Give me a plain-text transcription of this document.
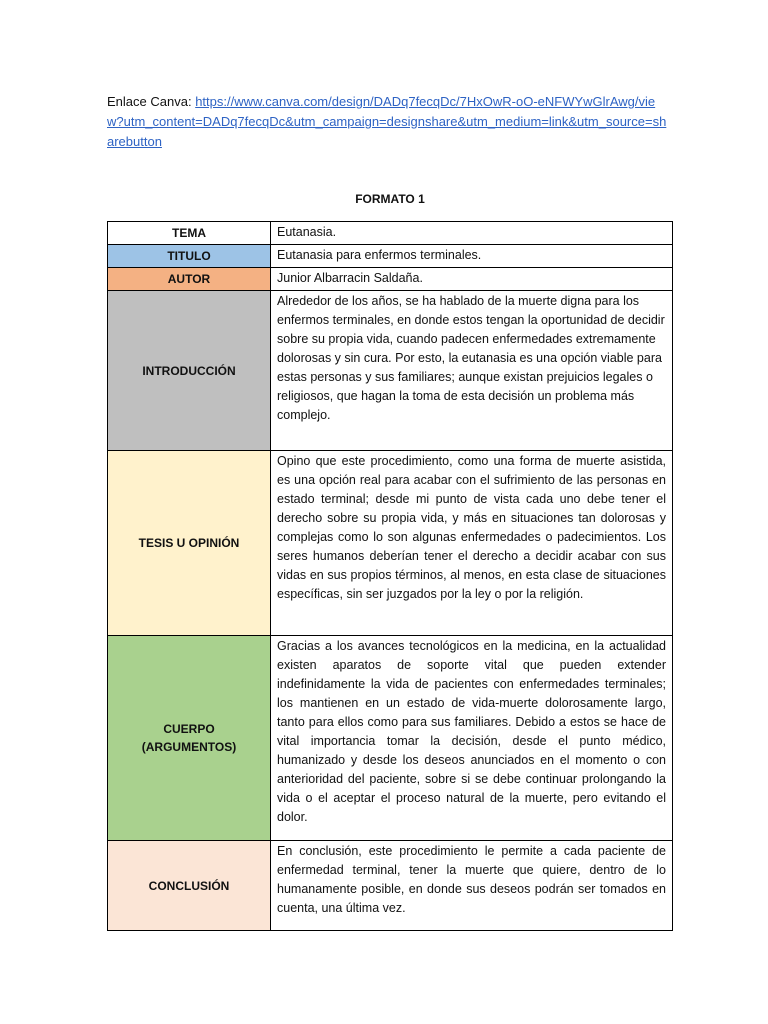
Enlace Canva: https://www.canva.com/design/DADq7fecqDc/7HxOwR-oO-eNFWYwGlrAwg/view?utm_content=DADq7fecqDc&utm_campaign=designshare&utm_medium=link&utm_source=sharebutton

FORMATO 1

TEMA	Eutanasia.
TITULO	Eutanasia para enfermos terminales.
AUTOR	Junior Albarracin Saldaña.
INTRODUCCIÓN	Alrededor de los años, se ha hablado de la muerte digna para los enfermos terminales, en donde estos tengan la oportunidad de decidir sobre su propia vida, cuando padecen enfermedades extremamente dolorosas y sin cura. Por esto, la eutanasia es una opción viable para estas personas y sus familiares; aunque existan prejuicios legales o religiosos, que hagan la toma de esta decisión un problema más complejo.
TESIS U OPINIÓN	Opino que este procedimiento, como una forma de muerte asistida, es una opción real para acabar con el sufrimiento de las personas en estado terminal; desde mi punto de vista cada uno debe tener el derecho sobre su propia vida, y más en situaciones tan dolorosas y complejas como lo son algunas enfermedades o padecimientos. Los seres humanos deberían tener el derecho a decidir acabar con sus vidas en sus propios términos, al menos, en esta clase de situaciones específicas, sin ser juzgados por la ley o por la religión.
CUERPO
(ARGUMENTOS)	Gracias a los avances tecnológicos en la medicina, en la actualidad existen aparatos de soporte vital que pueden extender indefinidamente la vida de pacientes con enfermedades terminales; los mantienen en un estado de vida-muerte dolorosamente largo, tanto para ellos como para sus familiares. Debido a estos se hace de vital importancia tomar la decisión, desde el punto médico, humanizado y desde los deseos anunciados en el momento o con anterioridad del paciente, sobre si se debe continuar prolongando la vida o el aceptar el proceso natural de la muerte, pero evitando el dolor.
CONCLUSIÓN	En conclusión, este procedimiento le permite a cada paciente de enfermedad terminal, tener la muerte que quiere, dentro de lo humanamente posible, en donde sus deseos podrán ser tomados en cuenta, una última vez.
